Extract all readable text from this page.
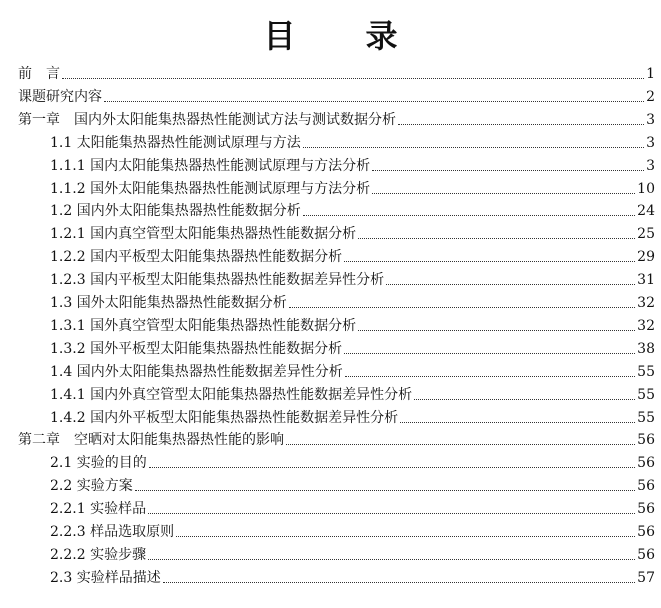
目 录
前　言	1
课题研究内容	2
第一章　国内外太阳能集热器热性能测试方法与测试数据分析	3
1.1 太阳能集热器热性能测试原理与方法	3
1.1.1 国内太阳能集热器热性能测试原理与方法分析	3
1.1.2 国外太阳能集热器热性能测试原理与方法分析	10
1.2 国内外太阳能集热器热性能数据分析	24
1.2.1 国内真空管型太阳能集热器热性能数据分析	25
1.2.2 国内平板型太阳能集热器热性能数据分析	29
1.2.3 国内平板型太阳能集热器热性能数据差异性分析	31
1.3 国外太阳能集热器热性能数据分析	32
1.3.1 国外真空管型太阳能集热器热性能数据分析	32
1.3.2 国外平板型太阳能集热器热性能数据分析	38
1.4 国内外太阳能集热器热性能数据差异性分析	55
1.4.1 国内外真空管型太阳能集热器热性能数据差异性分析	55
1.4.2 国内外平板型太阳能集热器热性能数据差异性分析	55
第二章　空晒对太阳能集热器热性能的影响	56
2.1 实验的目的	56
2.2 实验方案	56
2.2.1 实验样品	56
2.2.3 样品选取原则	56
2.2.2 实验步骤	56
2.3 实验样品描述	57
